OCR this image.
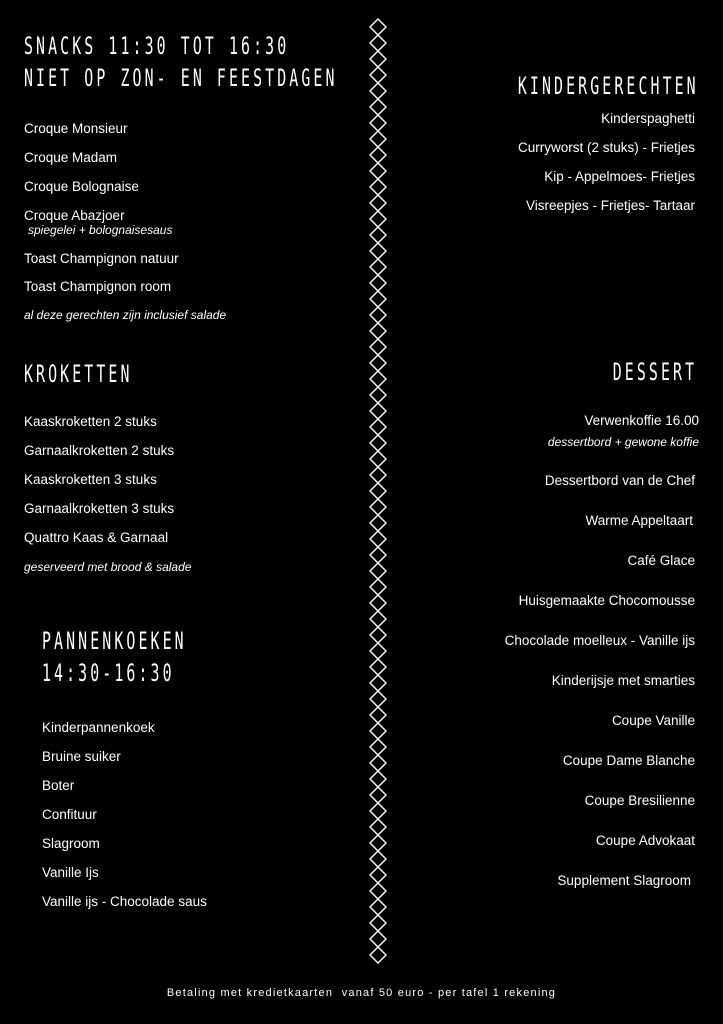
SNACKS 11:30 TOT 16:30
NIET OP ZON- EN FEESTDAGEN
Croque Monsieur
Croque Madam
Croque Bolognaise
Croque Abazjoer
spiegelei + bolognaisesaus
Toast Champignon natuur
Toast Champignon room
al deze gerechten zijn inclusief salade
KROKETTEN
Kaaskroketten 2 stuks
Garnaalkroketten 2 stuks
Kaaskroketten 3 stuks
Garnaalkroketten 3 stuks
Quattro Kaas & Garnaal
geserveerd met brood & salade
PANNENKOEKEN
14:30-16:30
Kinderpannenkoek
Bruine suiker
Boter
Confituur
Slagroom
Vanille Ijs
Vanille ijs - Chocolade saus
KINDERGERECHTEN
Kinderspaghetti
Curryworst (2 stuks) - Frietjes
Kip - Appelmoes- Frietjes
Visreepjes - Frietjes- Tartaar
DESSERT
Verwenkoffie 16.00
dessertbord + gewone koffie
Dessertbord van de Chef
Warme Appeltaart
Café Glace
Huisgemaakte Chocomousse
Chocolade moelleux - Vanille ijs
Kinderijsje met smarties
Coupe Vanille
Coupe Dame Blanche
Coupe Bresilienne
Coupe Advokaat
Supplement Slagroom
Betaling met kredietkaarten  vanaf 50 euro - per tafel 1 rekening
